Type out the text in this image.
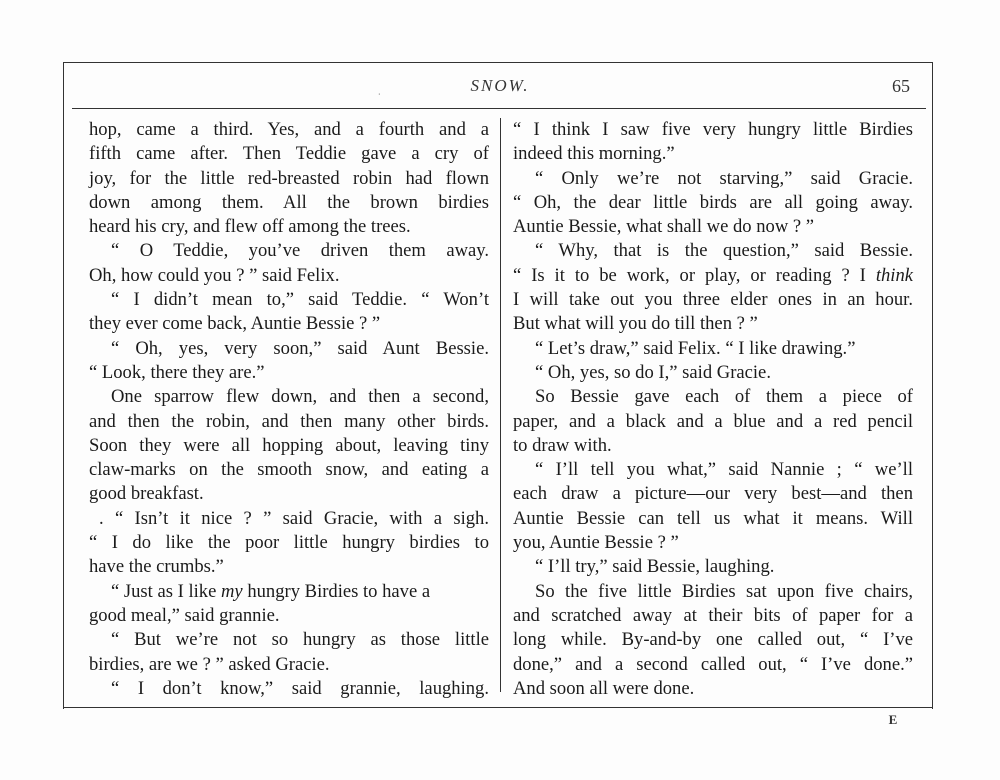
SNOW.
‧	65
hop, came a third. Yes, and a fourth and a
fifth came after. Then Teddie gave a cry of
joy, for the little red-breasted robin had flown
down among them. All the brown birdies
heard his cry, and flew off among the trees.
“ O Teddie, you’ve driven them away.
Oh, how could you ? ” said Felix.
“ I didn’t mean to,” said Teddie. “ Won’t
they ever come back, Auntie Bessie ? ”
“ Oh, yes, very soon,” said Aunt Bessie.
“ Look, there they are.”
One sparrow flew down, and then a second,
and then the robin, and then many other birds.
Soon they were all hopping about, leaving tiny
claw-marks on the smooth snow, and eating a
good breakfast.
. “ Isn’t it nice ? ” said Gracie, with a sigh.
“ I do like the poor little hungry birdies to
have the crumbs.”
“ Just as I like my hungry Birdies to have a
good meal,” said grannie.
“ But we’re not so hungry as those little
birdies, are we ? ” asked Gracie.
“ I don’t know,” said grannie, laughing.
“ I think I saw five very hungry little Birdies
indeed this morning.”
“ Only we’re not starving,” said Gracie.
“ Oh, the dear little birds are all going away.
Auntie Bessie, what shall we do now ? ”
“ Why, that is the question,” said Bessie.
“ Is it to be work, or play, or reading ? I think
I will take out you three elder ones in an hour.
But what will you do till then ? ”
“ Let’s draw,” said Felix. “ I like drawing.”
“ Oh, yes, so do I,” said Gracie.
So Bessie gave each of them a piece of
paper, and a black and a blue and a red pencil
to draw with.
“ I’ll tell you what,” said Nannie ; “ we’ll
each draw a picture—our very best—and then
Auntie Bessie can tell us what it means. Will
you, Auntie Bessie ? ”
“ I’ll try,” said Bessie, laughing.
So the five little Birdies sat upon five chairs,
and scratched away at their bits of paper for a
long while. By-and-by one called out, “ I’ve
done,” and a second called out, “ I’ve done.”
And soon all were done.
E
